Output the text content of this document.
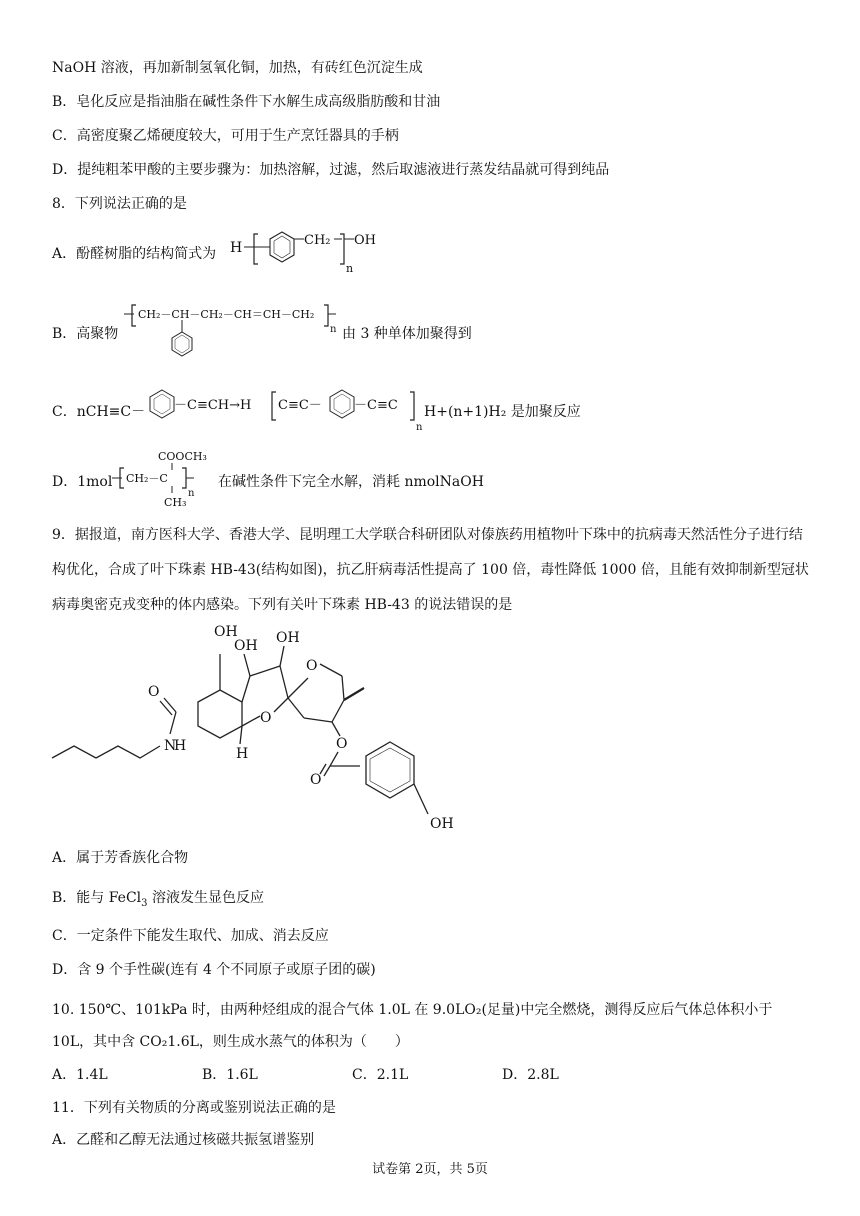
NaOH 溶液，再加新制氢氧化铜，加热，有砖红色沉淀生成
B．皂化反应是指油脂在碱性条件下水解生成高级脂肪酸和甘油
C．高密度聚乙烯硬度较大，可用于生产烹饪器具的手柄
D．提纯粗苯甲酸的主要步骤为：加热溶解，过滤，然后取滤液进行蒸发结晶就可得到纯品
8．下列说法正确的是
A．酚醛树脂的结构简式为 H	CH₂
n
OH
B．高聚物
CH₂－CH－CH₂－CH＝CH－CH₂
n 由 3 种单体加聚得到
C．nCH≡C－ －C≡CH→H C≡C－ －C≡C
n
H+(n+1)H₂ 是加聚反应
D．1mol
COOCH₃
CH₂－C
n
CH₃
在碱性条件下完全水解，消耗 nmolNaOH
9．据报道，南方医科大学、香港大学、昆明理工大学联合科研团队对傣族药用植物叶下珠中的抗病毒天然活性分子进行结构优化，合成了叶下珠素 HB-43(结构如图)，抗乙肝病毒活性提高了 100 倍，毒性降低 1000 倍，且能有效抑制新型冠状病毒奥密克戎变种的体内感染。下列有关叶下珠素 HB-43 的说法错误的是
N
H
O
OH
O
H
OH OH
O
O
O
OH
A．属于芳香族化合物
B．能与 FeCl$_3$ 溶液发生显色反应
C．一定条件下能发生取代、加成、消去反应
D．含 9 个手性碳(连有 4 个不同原子或原子团的碳)
10. 150℃、101kPa 时，由两种烃组成的混合气体 1.0L 在 9.0LO₂(足量)中完全燃烧，测得反应后气体总体积小于 10L，其中含 CO₂1.6L，则生成水蒸气的体积为（　　）
A．1.4L	B．1.6L	C．2.1L	D．2.8L
11．下列有关物质的分离或鉴别说法正确的是
A．乙醛和乙醇无法通过核磁共振氢谱鉴别
试卷第 2页，共 5页
